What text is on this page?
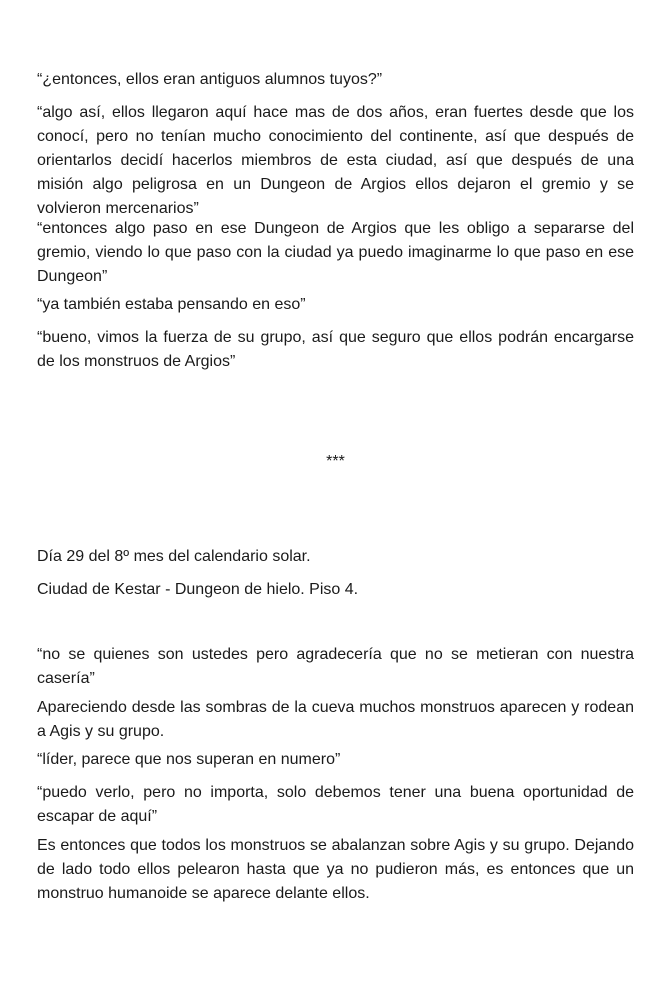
“¿entonces, ellos eran antiguos alumnos tuyos?”

“algo así, ellos llegaron aquí hace mas de dos años, eran fuertes desde que los conocí, pero no tenían mucho conocimiento del continente, así que después de orientarlos decidí hacerlos miembros de esta ciudad, así que después de una misión algo peligrosa en un Dungeon de Argios ellos dejaron el gremio y se volvieron mercenarios”

“entonces algo paso en ese Dungeon de Argios que les obligo a separarse del gremio, viendo lo que paso con la ciudad ya puedo imaginarme lo que paso en ese Dungeon”

“ya también estaba pensando en eso”

“bueno, vimos la fuerza de su grupo, así que seguro que ellos podrán encargarse de los monstruos de Argios”

***

Día 29 del 8º mes del calendario solar.

Ciudad de Kestar - Dungeon de hielo. Piso 4.

“no se quienes son ustedes pero agradecería que no se metieran con nuestra casería”

Apareciendo desde las sombras de la cueva muchos monstruos aparecen y rodean a Agis y su grupo.

“líder, parece que nos superan en numero”

“puedo verlo, pero no importa, solo debemos tener una buena oportunidad de escapar de aquí”

Es entonces que todos los monstruos se abalanzan sobre Agis y su grupo. Dejando de lado todo ellos pelearon hasta que ya no pudieron más, es entonces que un monstruo humanoide se aparece delante ellos.
